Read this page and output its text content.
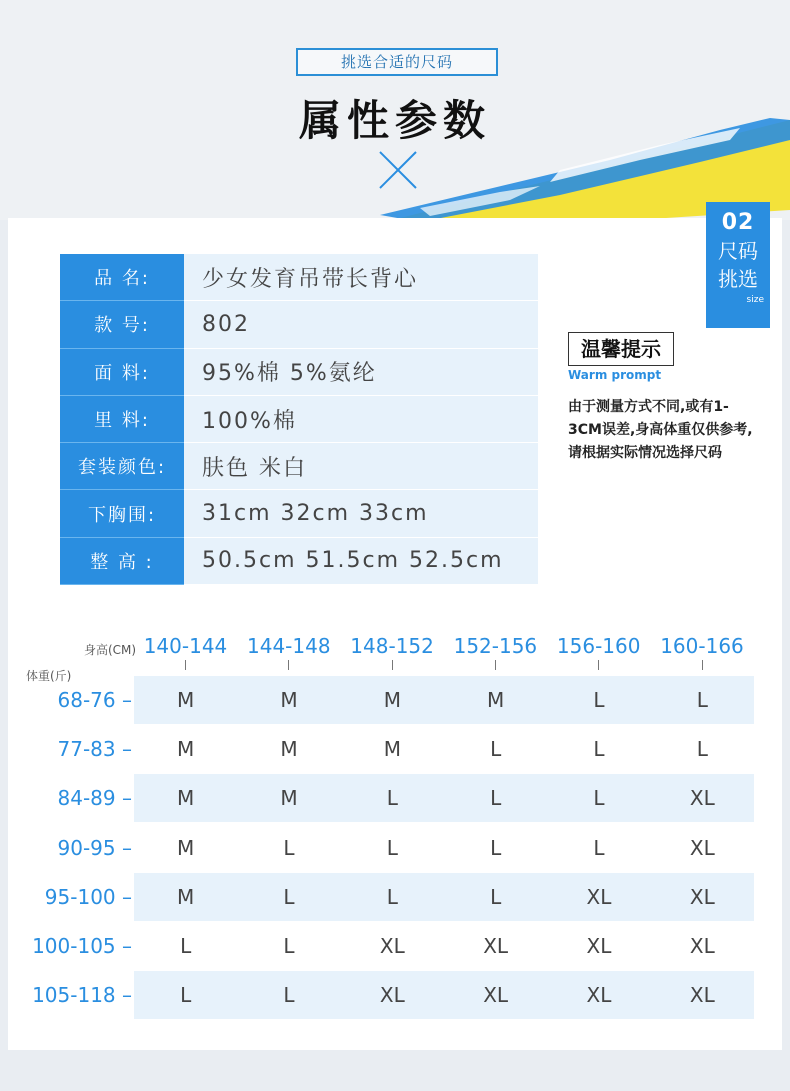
挑选合适的尺码
属性参数
02
尺码
挑选
size
品 名:	少女发育吊带长背心
款 号:	802
面 料:	95%棉 5%氨纶
里 料:	100%棉
套装颜色:	肤色 米白
下胸围:	31cm 32cm 33cm
整 高 :	50.5cm 51.5cm 52.5cm
温馨提示
Warm prompt
由于测量方式不同,或有1-3CM误差,身高体重仅供参考,请根据实际情况选择尺码
身高(CM)
体重(斤)
140-144 144-148 148-152 152-156 156-160 160-166
68-76 –	M	M	M	M	L	L
77-83 –	M	M	M	L	L	L
84-89 –	M	M	L	L	L	XL
90-95 –	M	L	L	L	L	XL
95-100 –	M	L	L	L	XL	XL
100-105 –	L	L	XL	XL	XL	XL
105-118 –	L	L	XL	XL	XL	XL
